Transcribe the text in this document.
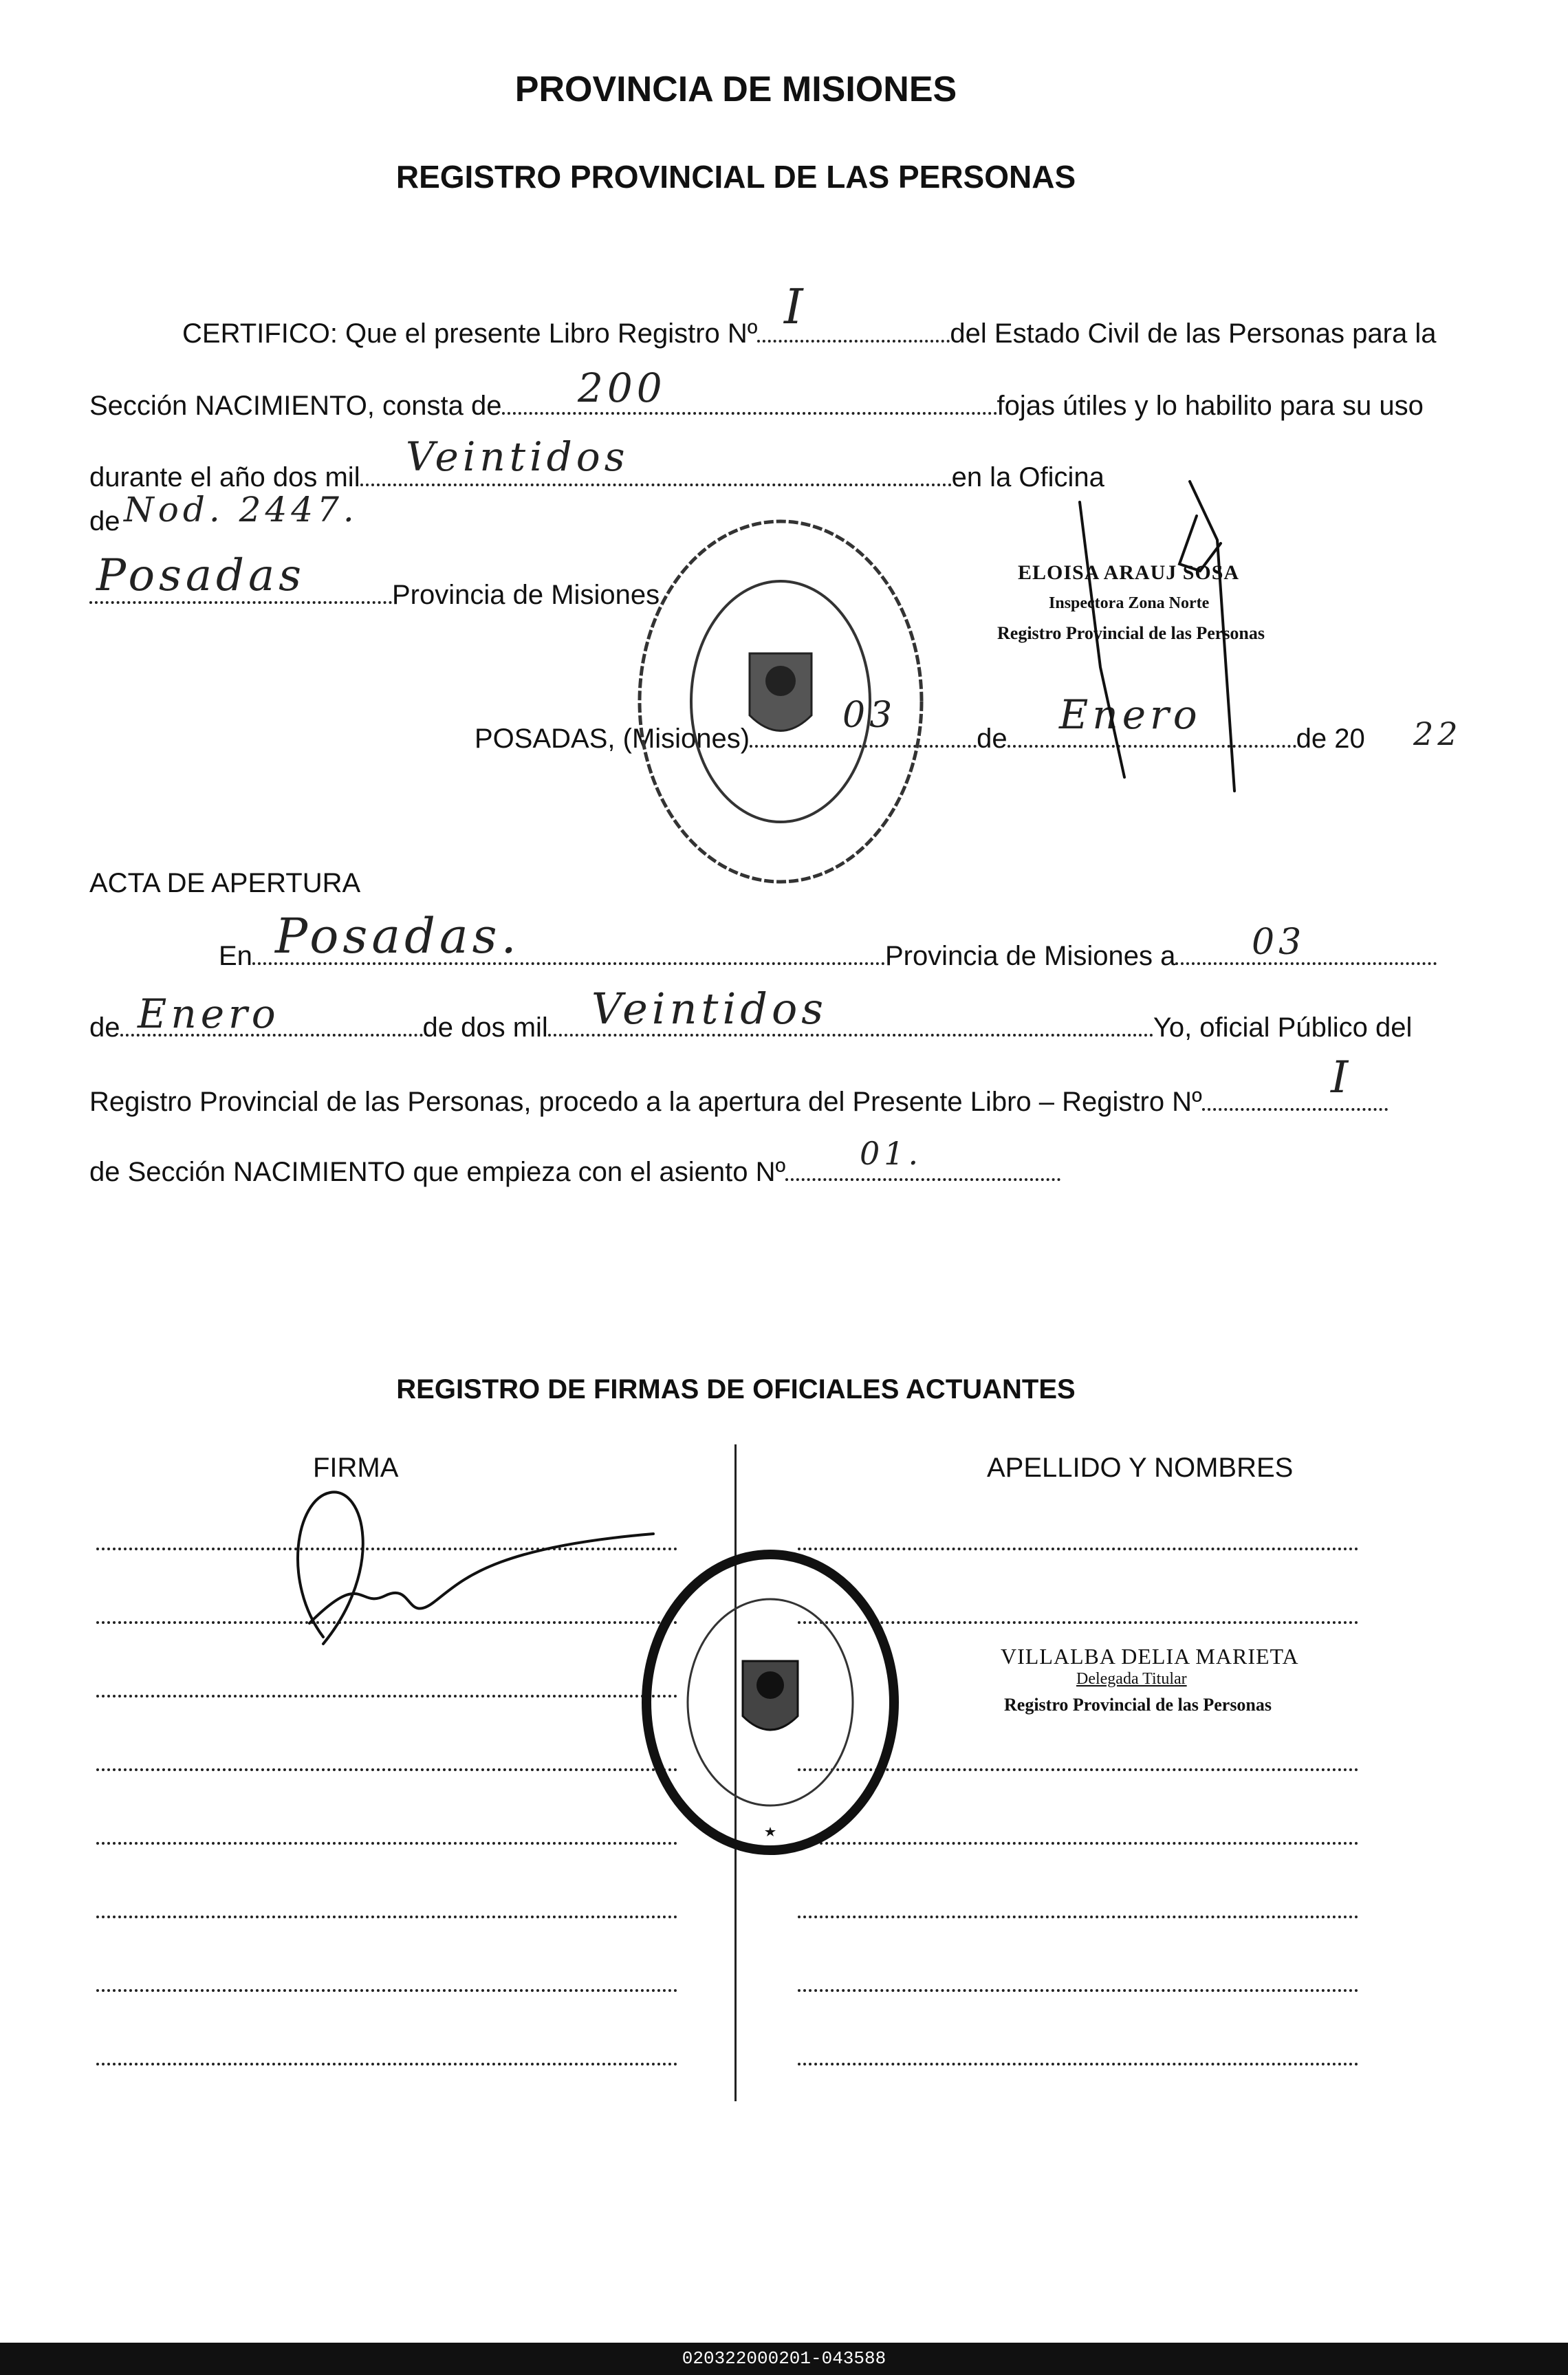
PROVINCIA DE MISIONES
REGISTRO PROVINCIAL DE LAS PERSONAS
CERTIFICO: Que el presente Libro Registro Nº	del Estado Civil de las Personas para la
I
Sección NACIMIENTO, consta de	fojas útiles y lo habilito para su uso
200
durante el año dos mil	en la Oficina
Veintidos
de Nod. 2447.
Provincia de Misiones
Posadas
POSADAS, (Misiones)	de	de 20
03	Enero	22
ELOISA ARAUJ SOSA
Inspectora Zona Norte
Registro Provincial de las Personas
ACTA DE APERTURA
En	Provincia de Misiones a
Posadas.	03
de	de dos mil	Yo, oficial Público del
Enero	Veintidos
Registro Provincial de las Personas, procedo a la apertura del Presente Libro – Registro Nº	I
de Sección NACIMIENTO que empieza con el asiento Nº	01.
REGISTRO DE FIRMAS DE OFICIALES ACTUANTES
FIRMA	APELLIDO Y NOMBRES
VILLALBA DELIA MARIETA
Delegada Titular
Registro Provincial de las Personas
020322000201-043588
